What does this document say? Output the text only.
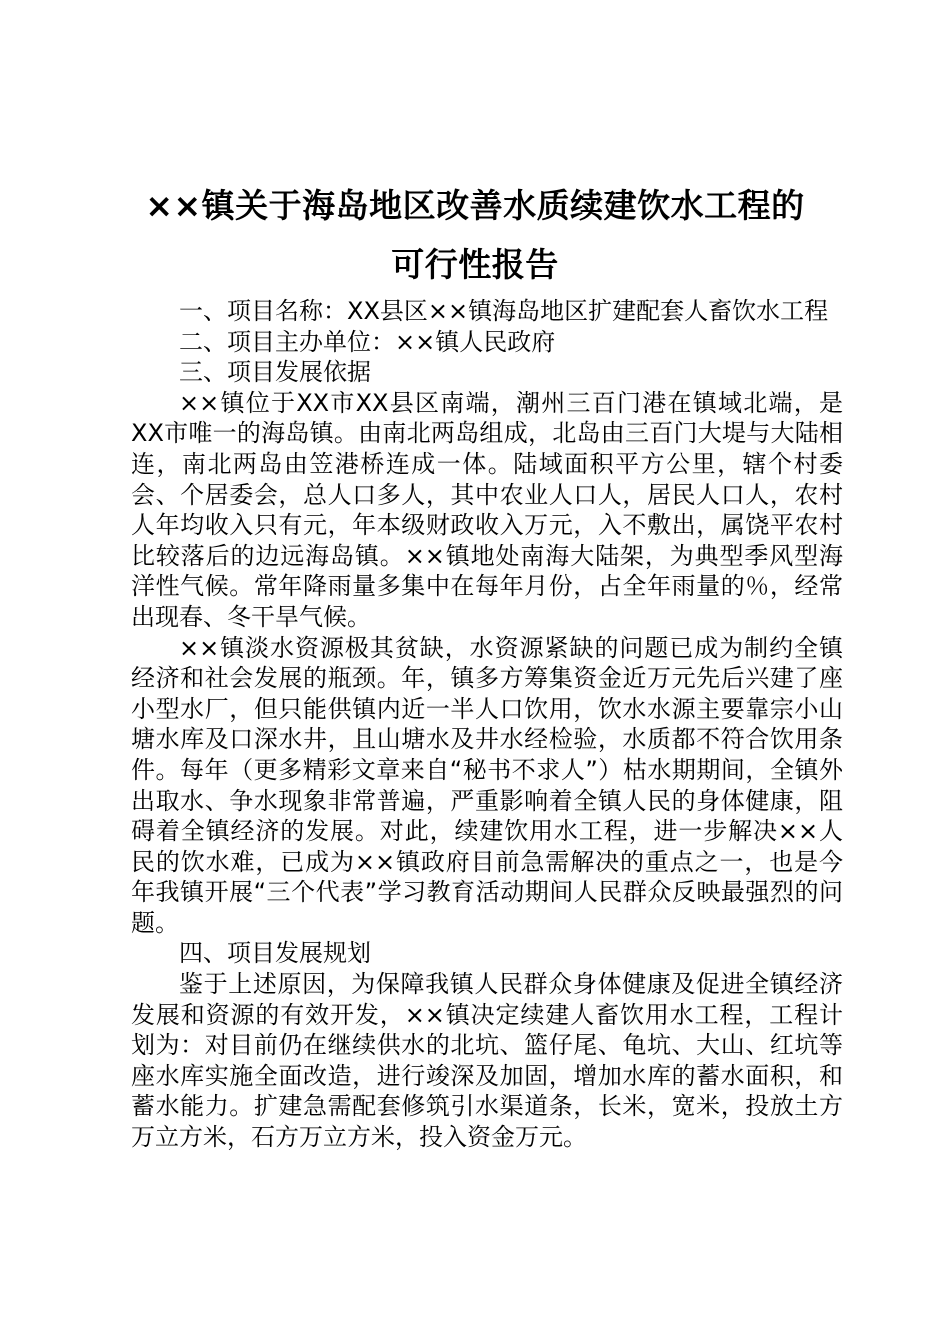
××镇关于海岛地区改善水质续建饮水工程的
可行性报告

一、项目名称：XX县区××镇海岛地区扩建配套人畜饮水工程

二、项目主办单位：××镇人民政府

三、项目发展依据

××镇位于XX市XX县区南端，潮州三百门港在镇域北端，是XX市唯一的海岛镇。由南北两岛组成，北岛由三百门大堤与大陆相连，南北两岛由笠港桥连成一体。陆域面积平方公里，辖个村委会、个居委会，总人口多人，其中农业人口人，居民人口人，农村人年均收入只有元，年本级财政收入万元，入不敷出，属饶平农村比较落后的边远海岛镇。××镇地处南海大陆架，为典型季风型海洋性气候。常年降雨量多集中在每年月份，占全年雨量的％，经常出现春、冬干旱气候。

××镇淡水资源极其贫缺，水资源紧缺的问题已成为制约全镇经济和社会发展的瓶颈。年，镇多方筹集资金近万元先后兴建了座小型水厂，但只能供镇内近一半人口饮用，饮水水源主要靠宗小山塘水库及口深水井，且山塘水及井水经检验，水质都不符合饮用条件。每年（更多精彩文章来自“秘书不求人”）枯水期期间，全镇外出取水、争水现象非常普遍，严重影响着全镇人民的身体健康，阻碍着全镇经济的发展。对此，续建饮用水工程，进一步解决××人民的饮水难，已成为××镇政府目前急需解决的重点之一，也是今年我镇开展“三个代表”学习教育活动期间人民群众反映最强烈的问题。

四、项目发展规划

鉴于上述原因，为保障我镇人民群众身体健康及促进全镇经济发展和资源的有效开发，××镇决定续建人畜饮用水工程，工程计划为：对目前仍在继续供水的北坑、篮仔尾、龟坑、大山、红坑等座水库实施全面改造，进行竣深及加固，增加水库的蓄水面积，和蓄水能力。扩建急需配套修筑引水渠道条，长米，宽米，投放土方万立方米，石方万立方米，投入资金万元。
